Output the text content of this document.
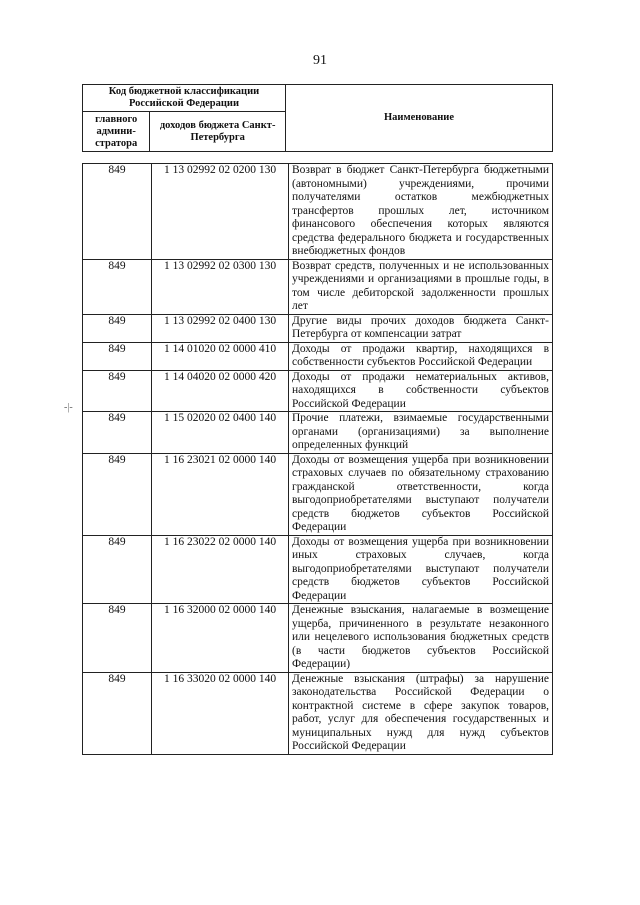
91
Код бюджетной классификации Российской Федерации		Наименование
главного админи-стратора	доходов бюджета Санкт-Петербурга	
849	1 13 02992 02 0200 130	Возврат в бюджет Санкт-Петербурга бюджетными (автономными) учреждениями, прочими получателями остатков межбюджетных трансфертов прошлых лет, источником финансового обеспечения которых являются средства федерального бюджета и государственных внебюджетных фондов
849	1 13 02992 02 0300 130	Возврат средств, полученных и не использованных учреждениями и организациями в прошлые годы, в том числе дебиторской задолженности прошлых лет
849	1 13 02992 02 0400 130	Другие виды прочих доходов бюджета Санкт-Петербурга от компенсации затрат
849	1 14 01020 02 0000 410	Доходы от продажи квартир, находящихся в собственности субъектов Российской Федерации
849	1 14 04020 02 0000 420	Доходы от продажи нематериальных активов, находящихся в собственности субъектов Российской Федерации
849	1 15 02020 02 0400 140	Прочие платежи, взимаемые государственными органами (организациями) за выполнение определенных функций
849	1 16 23021 02 0000 140	Доходы от возмещения ущерба при возникновении страховых случаев по обязательному страхованию гражданской ответственности, когда выгодоприобретателями выступают получатели средств бюджетов субъектов Российской Федерации
849	1 16 23022 02 0000 140	Доходы от возмещения ущерба при возникновении иных страховых случаев, когда выгодоприобретателями выступают получатели средств бюджетов субъектов Российской Федерации
849	1 16 32000 02 0000 140	Денежные взыскания, налагаемые в возмещение ущерба, причиненного в результате незаконного или нецелевого использования бюджетных средств (в части бюджетов субъектов Российской Федерации)
849	1 16 33020 02 0000 140	Денежные взыскания (штрафы) за нарушение законодательства Российской Федерации о контрактной системе в сфере закупок товаров, работ, услуг для обеспечения государственных и муниципальных нужд для нужд субъектов Российской Федерации
‑|‑
